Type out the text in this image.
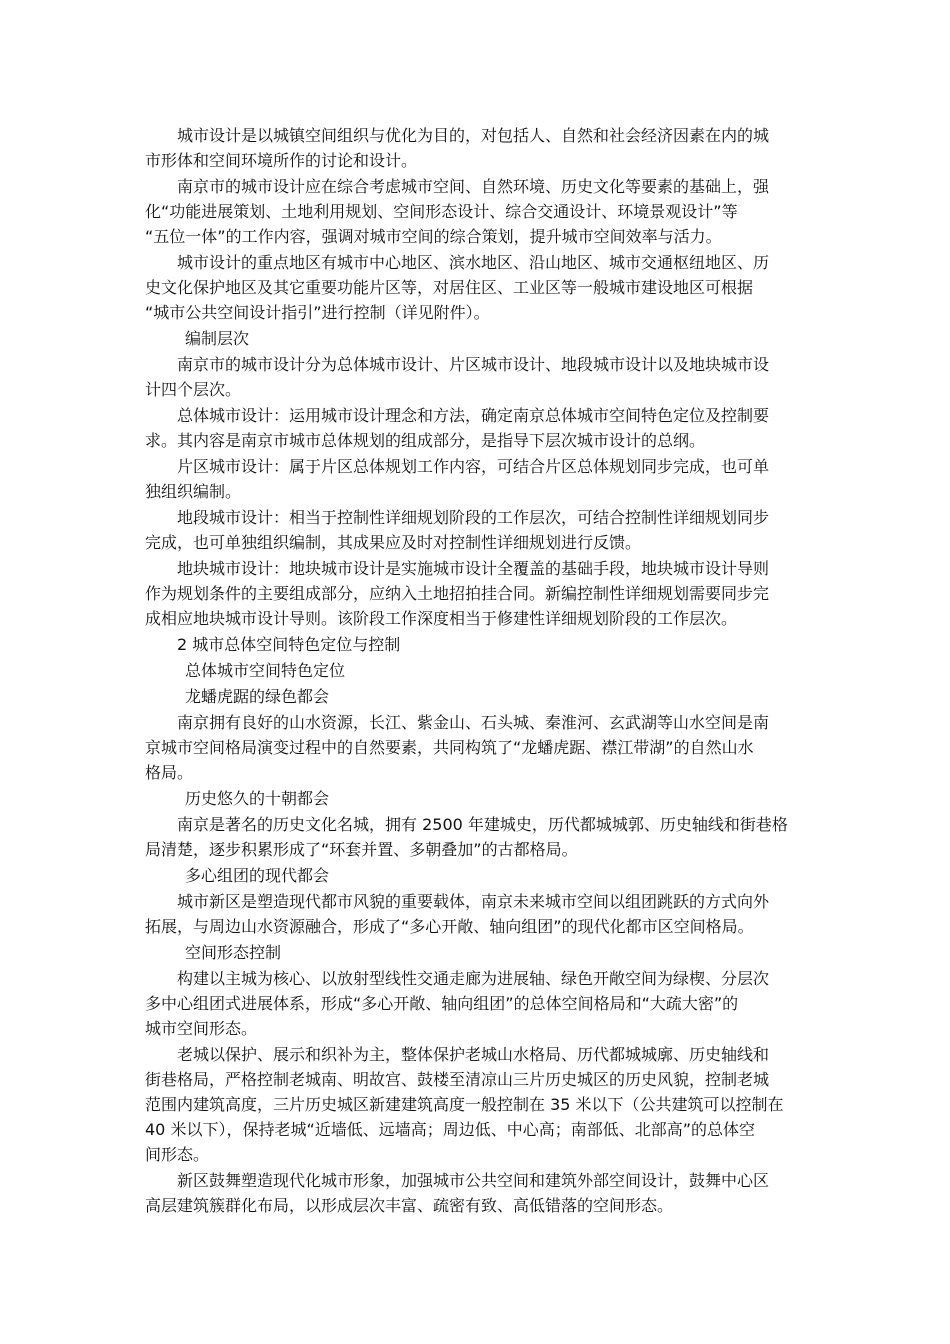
城市设计是以城镇空间组织与优化为目的，对包括人、自然和社会经济因素在内的城
市形体和空间环境所作的讨论和设计。
南京市的城市设计应在综合考虑城市空间、自然环境、历史文化等要素的基础上，强
化“功能进展策划、土地利用规划、空间形态设计、综合交通设计、环境景观设计”等
“五位一体”的工作内容，强调对城市空间的综合策划，提升城市空间效率与活力。
城市设计的重点地区有城市中心地区、滨水地区、沿山地区、城市交通枢纽地区、历
史文化保护地区及其它重要功能片区等，对居住区、工业区等一般城市建设地区可根据
“城市公共空间设计指引”进行控制（详见附件）。
编制层次
南京市的城市设计分为总体城市设计、片区城市设计、地段城市设计以及地块城市设
计四个层次。
总体城市设计：运用城市设计理念和方法，确定南京总体城市空间特色定位及控制要
求。其内容是南京市城市总体规划的组成部分，是指导下层次城市设计的总纲。
片区城市设计：属于片区总体规划工作内容，可结合片区总体规划同步完成，也可单
独组织编制。
地段城市设计：相当于控制性详细规划阶段的工作层次，可结合控制性详细规划同步
完成，也可单独组织编制，其成果应及时对控制性详细规划进行反馈。
地块城市设计：地块城市设计是实施城市设计全覆盖的基础手段，地块城市设计导则
作为规划条件的主要组成部分，应纳入土地招拍挂合同。新编控制性详细规划需要同步完
成相应地块城市设计导则。该阶段工作深度相当于修建性详细规划阶段的工作层次。
2 城市总体空间特色定位与控制
总体城市空间特色定位
龙蟠虎踞的绿色都会
南京拥有良好的山水资源，长江、紫金山、石头城、秦淮河、玄武湖等山水空间是南
京城市空间格局演变过程中的自然要素，共同构筑了“龙蟠虎踞、襟江带湖”的自然山水
格局。
历史悠久的十朝都会
南京是著名的历史文化名城，拥有 2500 年建城史，历代都城城郭、历史轴线和街巷格
局清楚，逐步积累形成了“环套并置、多朝叠加”的古都格局。
多心组团的现代都会
城市新区是塑造现代都市风貌的重要载体，南京未来城市空间以组团跳跃的方式向外
拓展，与周边山水资源融合，形成了“多心开敞、轴向组团”的现代化都市区空间格局。
空间形态控制
构建以主城为核心、以放射型线性交通走廊为进展轴、绿色开敞空间为绿楔、分层次
多中心组团式进展体系，形成“多心开敞、轴向组团”的总体空间格局和“大疏大密”的
城市空间形态。
老城以保护、展示和织补为主，整体保护老城山水格局、历代都城城廓、历史轴线和
街巷格局，严格控制老城南、明故宫、鼓楼至清凉山三片历史城区的历史风貌，控制老城
范围内建筑高度，三片历史城区新建建筑高度一般控制在 35 米以下（公共建筑可以控制在
40 米以下），保持老城“近墙低、远墙高；周边低、中心高；南部低、北部高”的总体空
间形态。
新区鼓舞塑造现代化城市形象，加强城市公共空间和建筑外部空间设计，鼓舞中心区
高层建筑簇群化布局，以形成层次丰富、疏密有致、高低错落的空间形态。
